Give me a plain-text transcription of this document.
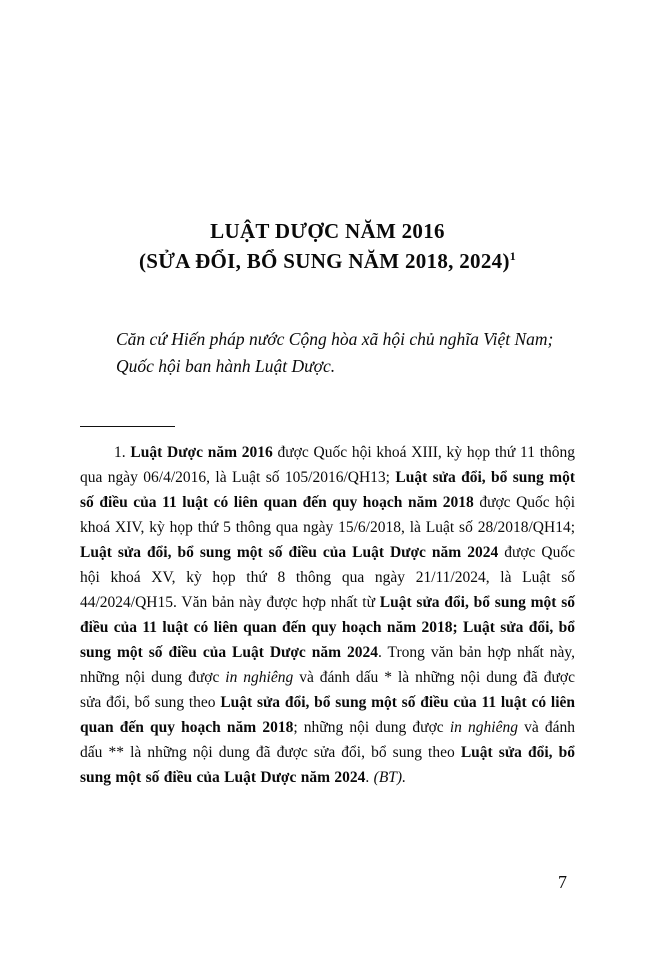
LUẬT DƯỢC NĂM 2016
(SỬA ĐỔI, BỔ SUNG NĂM 2018, 2024)$^1$

Căn cứ Hiến pháp nước Cộng hòa xã hội chủ nghĩa Việt Nam;

Quốc hội ban hành Luật Dược.

1. Luật Dược năm 2016 được Quốc hội khoá XIII, kỳ họp thứ 11 thông qua ngày 06/4/2016, là Luật số 105/2016/QH13; Luật sửa đổi, bổ sung một số điều của 11 luật có liên quan đến quy hoạch năm 2018 được Quốc hội khoá XIV, kỳ họp thứ 5 thông qua ngày 15/6/2018, là Luật số 28/2018/QH14; Luật sửa đổi, bổ sung một số điều của Luật Dược năm 2024 được Quốc hội khoá XV, kỳ họp thứ 8 thông qua ngày 21/11/2024, là Luật số 44/2024/QH15. Văn bản này được hợp nhất từ Luật sửa đổi, bổ sung một số điều của 11 luật có liên quan đến quy hoạch năm 2018; Luật sửa đổi, bổ sung một số điều của Luật Dược năm 2024. Trong văn bản hợp nhất này, những nội dung được in nghiêng và đánh dấu * là những nội dung đã được sửa đổi, bổ sung theo Luật sửa đổi, bổ sung một số điều của 11 luật có liên quan đến quy hoạch năm 2018; những nội dung được in nghiêng và đánh dấu ** là những nội dung đã được sửa đổi, bổ sung theo Luật sửa đổi, bổ sung một số điều của Luật Dược năm 2024. (BT).

7
